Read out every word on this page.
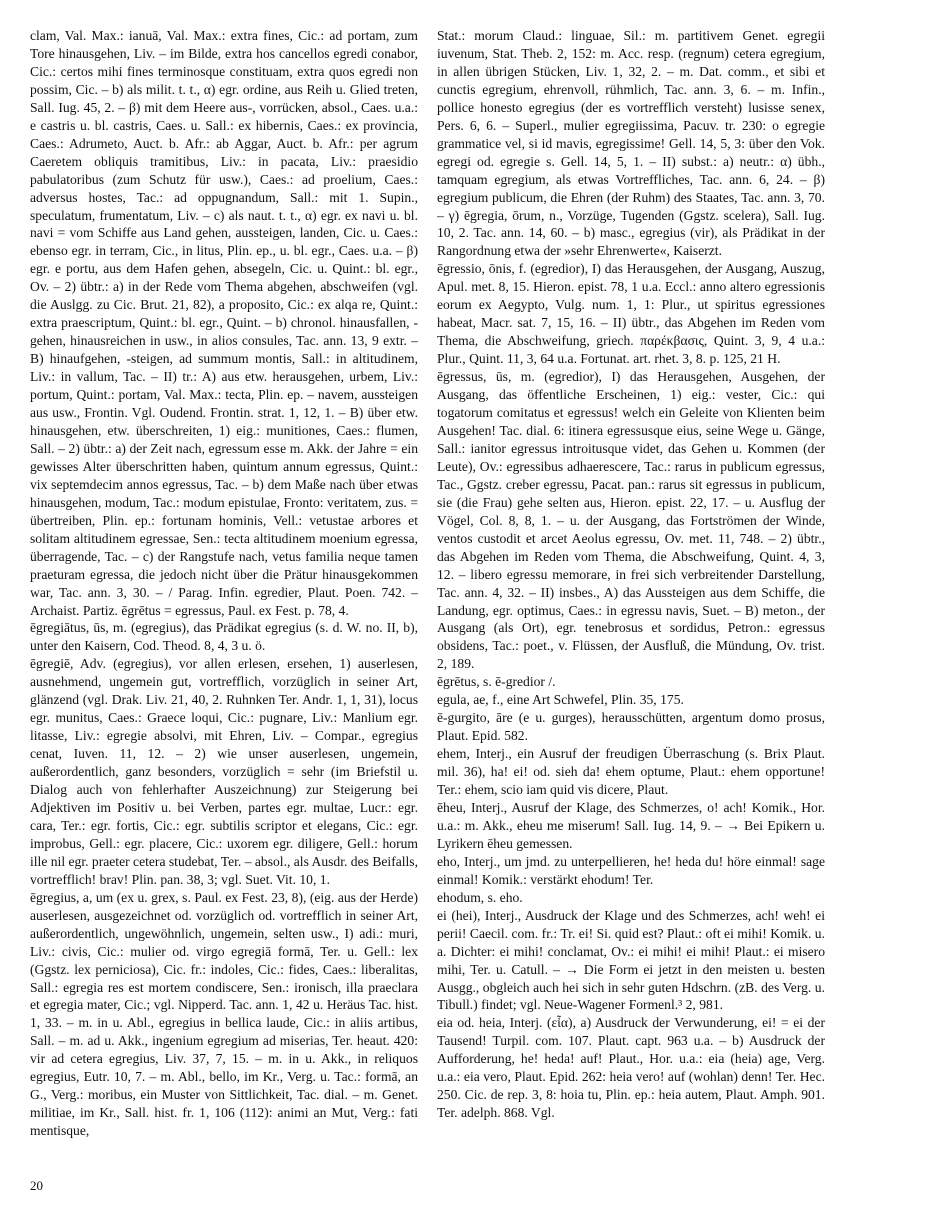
clam, Val. Max.: ianuā, Val. Max.: extra fines, Cic.: ad portam, zum Tore hinausgehen, Liv. – im Bilde, extra hos cancellos egredi conabor, Cic.: certos mihi fines terminosque constituam, extra quos egredi non possim, Cic. – b) als milit. t. t., α) egr. ordine, aus Reih u. Glied treten, Sall. Iug. 45, 2. – β) mit dem Heere aus-, vorrücken, absol., Caes. u.a.: e castris u. bl. castris, Caes. u. Sall.: ex hibernis, Caes.: ex provincia, Caes.: Adrumeto, Auct. b. Afr.: ab Aggar, Auct. b. Afr.: per agrum Caeretem obliquis tramitibus, Liv.: in pacata, Liv.: praesidio pabulatoribus (zum Schutz für usw.), Caes.: ad proelium, Caes.: adversus hostes, Tac.: ad oppugnandum, Sall.: mit 1. Supin., speculatum, frumentatum, Liv. – c) als naut. t. t., α) egr. ex navi u. bl. navi = vom Schiffe aus Land gehen, aussteigen, landen, Cic. u. Caes.: ebenso egr. in terram, Cic., in litus, Plin. ep., u. bl. egr., Caes. u.a. – β) egr. e portu, aus dem Hafen gehen, absegeln, Cic. u. Quint.: bl. egr., Ov. – 2) übtr.: a) in der Rede vom Thema abgehen, abschweifen (vgl. die Auslgg. zu Cic. Brut. 21, 82), a proposito, Cic.: ex alqa re, Quint.: extra praescriptum, Quint.: bl. egr., Quint. – b) chronol. hinausfallen, -gehen, hinausreichen in usw., in alios consules, Tac. ann. 13, 9 extr. – B) hinaufgehen, -steigen, ad summum montis, Sall.: in altitudinem, Liv.: in vallum, Tac. – II) tr.: A) aus etw. herausgehen, urbem, Liv.: portum, Quint.: portam, Val. Max.: tecta, Plin. ep. – navem, aussteigen aus usw., Frontin. Vgl. Oudend. Frontin. strat. 1, 12, 1. – B) über etw. hinausgehen, etw. überschreiten, 1) eig.: munitiones, Caes.: flumen, Sall. – 2) übtr.: a) der Zeit nach, egressum esse m. Akk. der Jahre = ein gewisses Alter überschritten haben, quintum annum egressus, Quint.: vix septemdecim annos egressus, Tac. – b) dem Maße nach über etwas hinausgehen, modum, Tac.: modum epistulae, Fronto: veritatem, zus. = übertreiben, Plin. ep.: fortunam hominis, Vell.: vetustae arbores et solitam altitudinem egressae, Sen.: tecta altitudinem moenium egressa, überragende, Tac. – c) der Rangstufe nach, vetus familia neque tamen praeturam egressa, die jedoch nicht über die Prätur hinausgekommen war, Tac. ann. 3, 30. – / Parag. Infin. egredier, Plaut. Poen. 742. – Archaist. Partiz. ēgrētus = egressus, Paul. ex Fest. p. 78, 4.

ēgregiātus, ūs, m. (egregius), das Prädikat egregius (s. d. W. no. II, b), unter den Kaisern, Cod. Theod. 8, 4, 3 u. ö.

ēgregiē, Adv. (egregius), vor allen erlesen, ersehen, 1) auserlesen, ausnehmend, ungemein gut, vortrefflich, vorzüglich in seiner Art, glänzend (vgl. Drak. Liv. 21, 40, 2. Ruhnken Ter. Andr. 1, 1, 31), locus egr. munitus, Caes.: Graece loqui, Cic.: pugnare, Liv.: Manlium egr. litasse, Liv.: egregie absolvi, mit Ehren, Liv. – Compar., egregius cenat, Iuven. 11, 12. – 2) wie unser auserlesen, ungemein, außerordentlich, ganz besonders, vorzüglich = sehr (im Briefstil u. Dialog auch von fehlerhafter Auszeichnung) zur Steigerung bei Adjektiven im Positiv u. bei Verben, partes egr. multae, Lucr.: egr. cara, Ter.: egr. fortis, Cic.: egr. subtilis scriptor et elegans, Cic.: egr. improbus, Gell.: egr. placere, Cic.: uxorem egr. diligere, Gell.: horum ille nil egr. praeter cetera studebat, Ter. – absol., als Ausdr. des Beifalls, vortrefflich! brav! Plin. pan. 38, 3; vgl. Suet. Vit. 10, 1.

ēgregius, a, um (ex u. grex, s. Paul. ex Fest. 23, 8), (eig. aus der Herde) auserlesen, ausgezeichnet od. vorzüglich od. vortrefflich in seiner Art, außerordentlich, ungewöhnlich, ungemein, selten usw., I) adi.: muri, Liv.: civis, Cic.: mulier od. virgo egregiā formā, Ter. u. Gell.: lex (Ggstz. lex perniciosa), Cic. fr.: indoles, Cic.: fides, Caes.: liberalitas, Sall.: egregia res est mortem condiscere, Sen.: ironisch, illa praeclara et egregia mater, Cic.; vgl. Nipperd. Tac. ann. 1, 42 u. Heräus Tac. hist. 1, 33. – m. in u. Abl., egregius in bellica laude, Cic.: in aliis artibus, Sall. – m. ad u. Akk., ingenium egregium ad miserias, Ter. heaut. 420: vir ad cetera egregius, Liv. 37, 7, 15. – m. in u. Akk., in reliquos egregius, Eutr. 10, 7. – m. Abl., bello, im Kr., Verg. u. Tac.: formā, an G., Verg.: moribus, ein Muster von Sittlichkeit, Tac. dial. – m. Genet. militiae, im Kr., Sall. hist. fr. 1, 106 (112): animi an Mut, Verg.: fati mentisque,

Stat.: morum Claud.: linguae, Sil.: m. partitivem Genet. egregii iuvenum, Stat. Theb. 2, 152: m. Acc. resp. (regnum) cetera egregium, in allen übrigen Stücken, Liv. 1, 32, 2. – m. Dat. comm., et sibi et cunctis egregium, ehrenvoll, rühmlich, Tac. ann. 3, 6. – m. Infin., pollice honesto egregius (der es vortrefflich versteht) lusisse senex, Pers. 6, 6. – Superl., mulier egregiissima, Pacuv. tr. 230: o egregie grammatice vel, si id mavis, egregissime! Gell. 14, 5, 3: über den Vok. egregi od. egregie s. Gell. 14, 5, 1. – II) subst.: a) neutr.: α) übh., tamquam egregium, als etwas Vortreffliches, Tac. ann. 6, 24. – β) egregium publicum, die Ehren (der Ruhm) des Staates, Tac. ann. 3, 70. – γ) ēgregia, ōrum, n., Vorzüge, Tugenden (Ggstz. scelera), Sall. Iug. 10, 2. Tac. ann. 14, 60. – b) masc., egregius (vir), als Prädikat in der Rangordnung etwa der »sehr Ehrenwerte«, Kaiserzt.

ēgressio, ōnis, f. (egredior), I) das Herausgehen, der Ausgang, Auszug, Apul. met. 8, 15. Hieron. epist. 78, 1 u.a. Eccl.: anno altero egressionis eorum ex Aegypto, Vulg. num. 1, 1: Plur., ut spiritus egressiones habeat, Macr. sat. 7, 15, 16. – II) übtr., das Abgehen im Reden vom Thema, die Abschweifung, griech. παρέκβασις, Quint. 3, 9, 4 u.a.: Plur., Quint. 11, 3, 64 u.a. Fortunat. art. rhet. 3, 8. p. 125, 21 H.

ēgressus, ūs, m. (egredior), I) das Herausgehen, Ausgehen, der Ausgang, das öffentliche Erscheinen, 1) eig.: vester, Cic.: qui togatorum comitatus et egressus! welch ein Geleite von Klienten beim Ausgehen! Tac. dial. 6: itinera egressusque eius, seine Wege u. Gänge, Sall.: ianitor egressus introitusque videt, das Gehen u. Kommen (der Leute), Ov.: egressibus adhaerescere, Tac.: rarus in publicum egressus, Tac., Ggstz. creber egressu, Pacat. pan.: rarus sit egressus in publicum, sie (die Frau) gehe selten aus, Hieron. epist. 22, 17. – u. Ausflug der Vögel, Col. 8, 8, 1. – u. der Ausgang, das Fortströmen der Winde, ventos custodit et arcet Aeolus egressu, Ov. met. 11, 748. – 2) übtr., das Abgehen im Reden vom Thema, die Abschweifung, Quint. 4, 3, 12. – libero egressu memorare, in frei sich verbreitender Darstellung, Tac. ann. 4, 32. – II) insbes., A) das Aussteigen aus dem Schiffe, die Landung, egr. optimus, Caes.: in egressu navis, Suet. – B) meton., der Ausgang (als Ort), egr. tenebrosus et sordidus, Petron.: egressus obsidens, Tac.: poet., v. Flüssen, der Ausfluß, die Mündung, Ov. trist. 2, 189.

ēgrētus, s. ē-gredior /.

egula, ae, f., eine Art Schwefel, Plin. 35, 175.

ē-gurgito, āre (e u. gurges), herausschütten, argentum domo prosus, Plaut. Epid. 582.

ehem, Interj., ein Ausruf der freudigen Überraschung (s. Brix Plaut. mil. 36), ha! ei! od. sieh da! ehem optume, Plaut.: ehem opportune! Ter.: ehem, scio iam quid vis dicere, Plaut.

ēheu, Interj., Ausruf der Klage, des Schmerzes, o! ach! Komik., Hor. u.a.: m. Akk., eheu me miserum! Sall. Iug. 14, 9. – → Bei Epikern u. Lyrikern ēheu gemessen.

eho, Interj., um jmd. zu unterpellieren, he! heda du! höre einmal! sage einmal! Komik.: verstärkt ehodum! Ter.

ehodum, s. eho.

ei (hei), Interj., Ausdruck der Klage und des Schmerzes, ach! weh! ei perii! Caecil. com. fr.: Tr. ei! Si. quid est? Plaut.: oft ei mihi! Komik. u. a. Dichter: ei mihi! conclamat, Ov.: ei mihi! ei mihi! Plaut.: ei misero mihi, Ter. u. Catull. – → Die Form ei jetzt in den meisten u. besten Ausgg., obgleich auch hei sich in sehr guten Hdschrn. (zB. des Verg. u. Tibull.) findet; vgl. Neue-Wagener Formenl.³ 2, 981.

eia od. heia, Interj. (εἶα), a) Ausdruck der Verwunderung, ei! = ei der Tausend! Turpil. com. 107. Plaut. capt. 963 u.a. – b) Ausdruck der Aufforderung, he! heda! auf! Plaut., Hor. u.a.: eia (heia) age, Verg. u.a.: eia vero, Plaut. Epid. 262: heia vero! auf (wohlan) denn! Ter. Hec. 250. Cic. de rep. 3, 8: hoia tu, Plin. ep.: heia autem, Plaut. Amph. 901. Ter. adelph. 868. Vgl.

20
